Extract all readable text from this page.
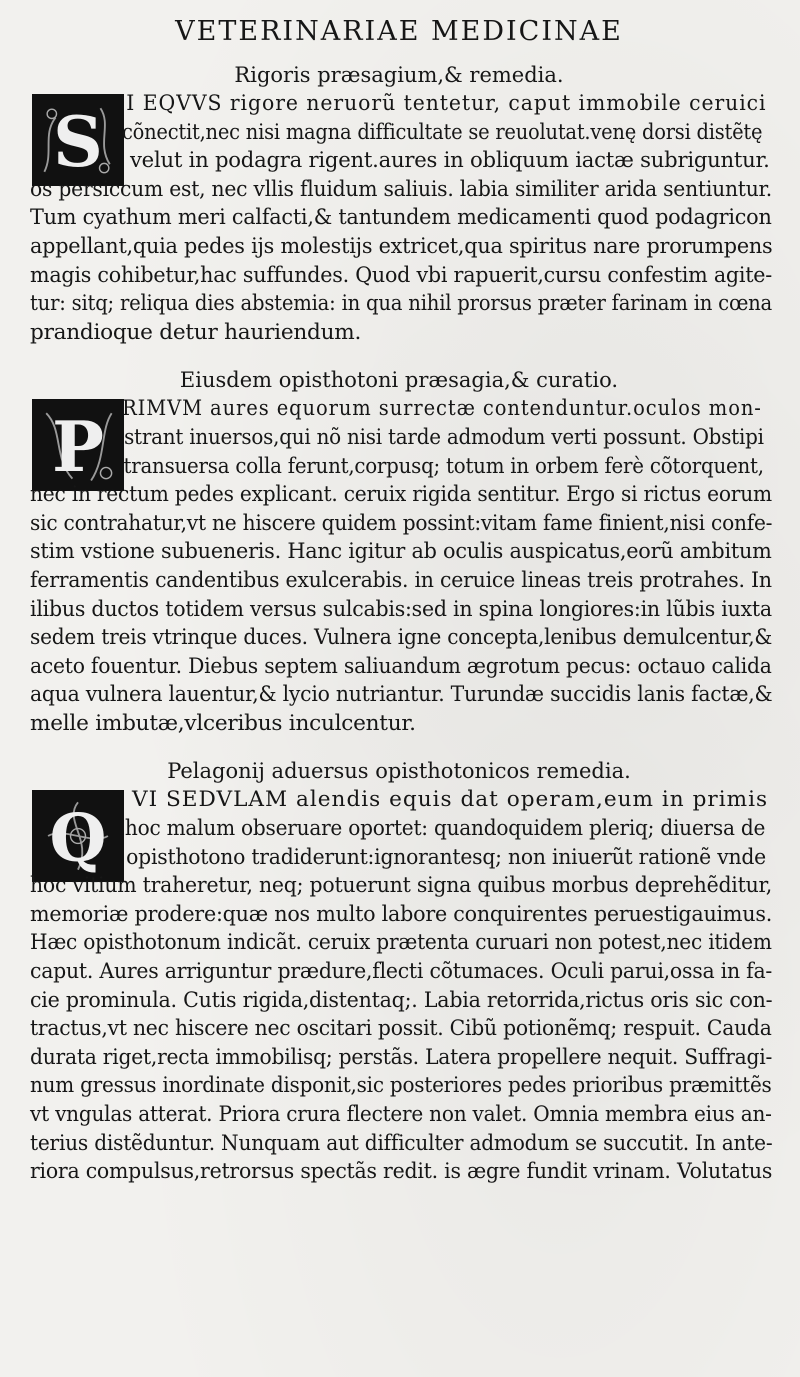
VETERINARIAE MEDICINAE
Rigoris præsagium,& remedia.
S	I EQVVS rigore neruorũ tentetur, caput immobile ceruici
cõnectit,nec nisi magna difficultate se reuolutat.venę dorsi distẽtę
velut in podagra rigent.aures in obliquum iactæ subriguntur.
os persiccum est, nec vllis fluidum saliuis. labia similiter arida sentiuntur.
Tum cyathum meri calfacti,& tantundem medicamenti quod podagricon
appellant,quia pedes ijs molestijs extricet,qua spiritus nare prorumpens
magis cohibetur,hac suffundes. Quod vbi rapuerit,cursu confestim agite-
tur: sitq; reliqua dies abstemia: in qua nihil prorsus præter farinam in cœna
prandioque detur hauriendum.
Eiusdem opisthotoni præsagia,& curatio.
P RIMVM aures equorum surrectæ contenduntur.oculos mon-
strant inuersos,qui nõ nisi tarde admodum verti possunt. Obstipi
transuersa colla ferunt,corpusq; totum in orbem ferè cõtorquent,
nec in rectum pedes explicant. ceruix rigida sentitur. Ergo si rictus eorum
sic contrahatur,vt ne hiscere quidem possint:vitam fame finient,nisi confe-
stim vstione subueneris. Hanc igitur ab oculis auspicatus,eorũ ambitum
ferramentis candentibus exulcerabis. in ceruice lineas treis protrahes. In
ilibus ductos totidem versus sulcabis:sed in spina longiores:in lũbis iuxta
sedem treis vtrinque duces. Vulnera igne concepta,lenibus demulcentur,&
aceto fouentur. Diebus septem saliuandum ægrotum pecus: octauo calida
aqua vulnera lauentur,& lycio nutriantur. Turundæ succidis lanis factæ,&
melle imbutæ,vlceribus inculcentur.
Pelagonij aduersus opisthotonicos remedia.
Q
VI SEDVLAM alendis equis dat operam,eum in primis
hoc malum obseruare oportet: quandoquidem pleriq; diuersa de
opisthotono tradiderunt:ignorantesq; non iniuerũt rationẽ vnde
hoc vitium traheretur, neq; potuerunt signa quibus morbus deprehẽditur,
memoriæ prodere:quæ nos multo labore conquirentes peruestigauimus.
Hæc opisthotonum indicãt. ceruix prætenta curuari non potest,nec itidem
caput. Aures arriguntur prædure,flecti cõtumaces. Oculi parui,ossa in fa-
cie prominula. Cutis rigida,distentaq;. Labia retorrida,rictus oris sic con-
tractus,vt nec hiscere nec oscitari possit. Cibũ potionẽmq; respuit. Cauda
durata riget,recta immobilisq; perstãs. Latera propellere nequit. Suffragi-
num gressus inordinate disponit,sic posteriores pedes prioribus præmittẽs
vt vngulas atterat. Priora crura flectere non valet. Omnia membra eius an-
terius distẽduntur. Nunquam aut difficulter admodum se succutit. In ante-
riora compulsus,retrorsus spectãs redit. is ægre fundit vrinam. Volutatus
